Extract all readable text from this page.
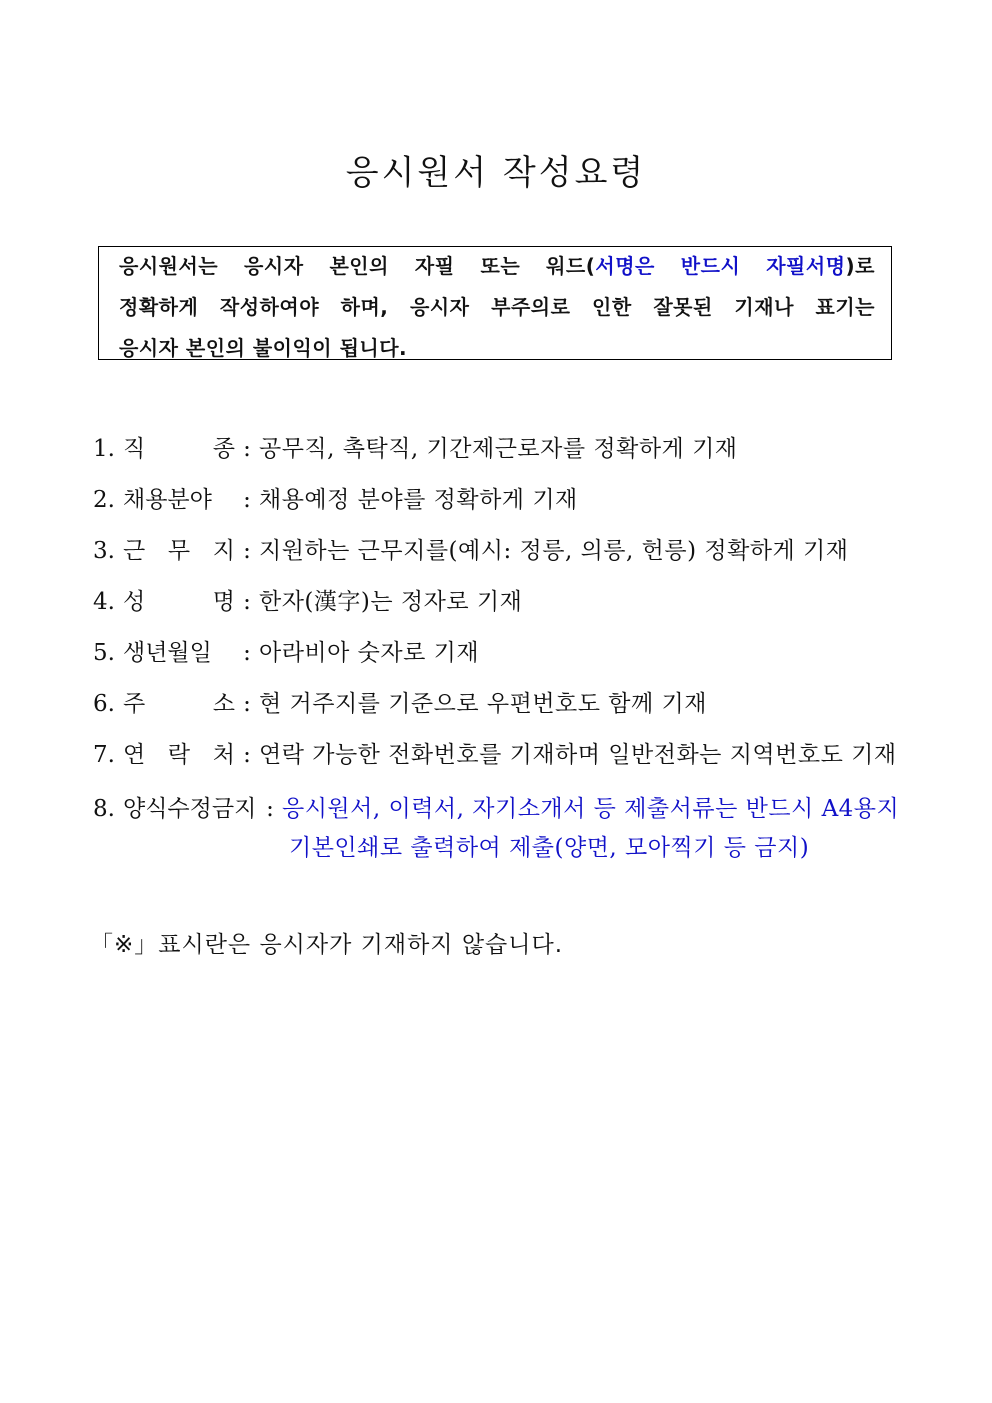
응시원서 작성요령
응시원서는 응시자 본인의 자필 또는 워드(서명은 반드시 자필서명)로
정확하게 작성하여야 하며, 응시자 부주의로 인한 잘못된 기재나 표기는
응시자 본인의 불이익이 됩니다.
1. 직 종 : 공무직, 촉탁직, 기간제근로자를 정확하게 기재
2. 채용분야	: 채용예정 분야를 정확하게 기재
3. 근 무 지 : 지원하는 근무지를(예시: 정릉, 의릉, 헌릉) 정확하게 기재
4. 성 명 : 한자(漢字)는 정자로 기재
5. 생년월일	: 아라비아 숫자로 기재
6. 주 소 : 현 거주지를 기준으로 우편번호도 함께 기재
7. 연 락 처 : 연락 가능한 전화번호를 기재하며 일반전화는 지역번호도 기재
8. 양식수정금지 : 응시원서, 이력서, 자기소개서 등 제출서류는 반드시 A4용지
기본인쇄로 출력하여 제출(양면, 모아찍기 등 금지)
「※」표시란은 응시자가 기재하지 않습니다.
